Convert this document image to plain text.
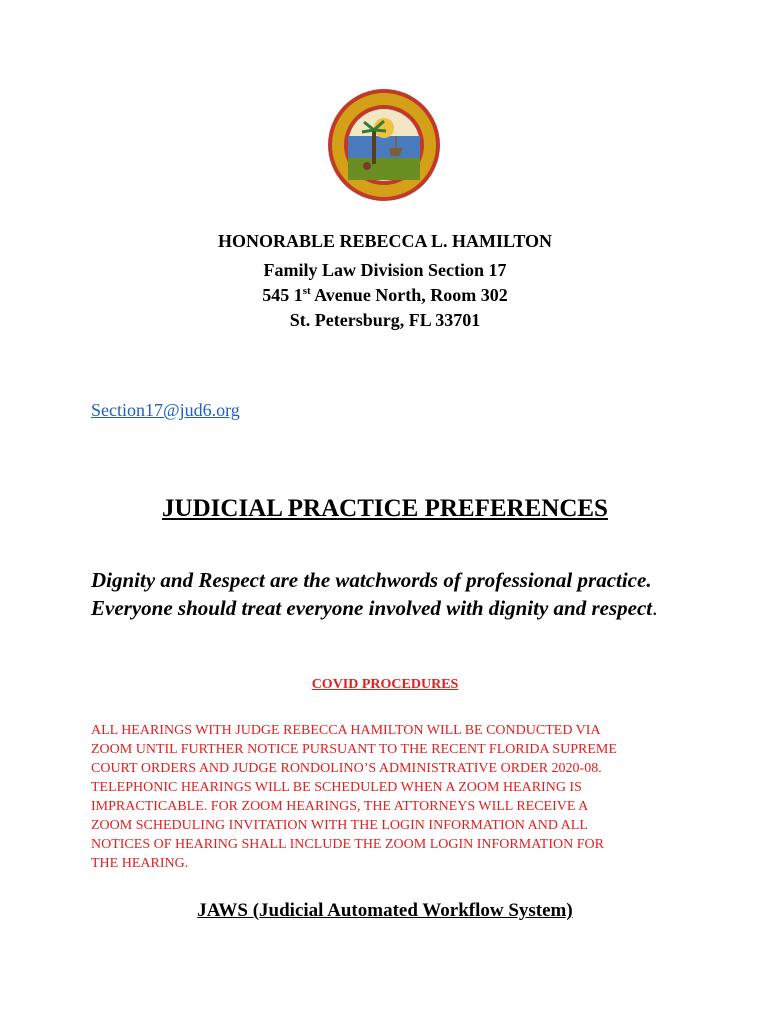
HONORABLE REBECCA L. HAMILTON
Family Law Division Section 17
545 1st Avenue North, Room 302
St. Petersburg, FL 33701
Section17@jud6.org
JUDICIAL PRACTICE PREFERENCES
Dignity and Respect are the watchwords of professional practice. Everyone should treat everyone involved with dignity and respect.
COVID PROCEDURES
ALL HEARINGS WITH JUDGE REBECCA HAMILTON WILL BE CONDUCTED VIA
ZOOM UNTIL FURTHER NOTICE PURSUANT TO THE RECENT FLORIDA SUPREME
COURT ORDERS AND JUDGE RONDOLINO’S ADMINISTRATIVE ORDER 2020-08.
TELEPHONIC HEARINGS WILL BE SCHEDULED WHEN A ZOOM HEARING IS
IMPRACTICABLE. FOR ZOOM HEARINGS, THE ATTORNEYS WILL RECEIVE A
ZOOM SCHEDULING INVITATION WITH THE LOGIN INFORMATION AND ALL
NOTICES OF HEARING SHALL INCLUDE THE ZOOM LOGIN INFORMATION FOR
THE HEARING.
JAWS (Judicial Automated Workflow System)
